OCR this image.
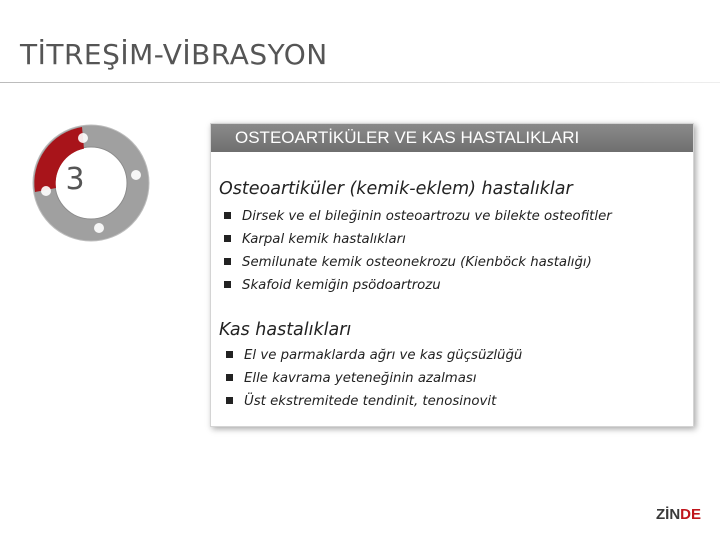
TİTREŞİM-VİBRASYON
3
OSTEOARTİKÜLER VE KAS HASTALIKLARI
Osteoartiküler (kemik-eklem) hastalıklar
Dirsek ve el bileğinin osteoartrozu ve bilekte osteofitler
Karpal kemik hastalıkları
Semilunate kemik osteonekrozu (Kienböck hastalığı)
Skafoid kemiğin psödoartrozu
Kas hastalıkları
El ve parmaklarda ağrı ve kas güçsüzlüğü
Elle kavrama yeteneğinin azalması
Üst ekstremitede tendinit, tenosinovit
ZİNDE
